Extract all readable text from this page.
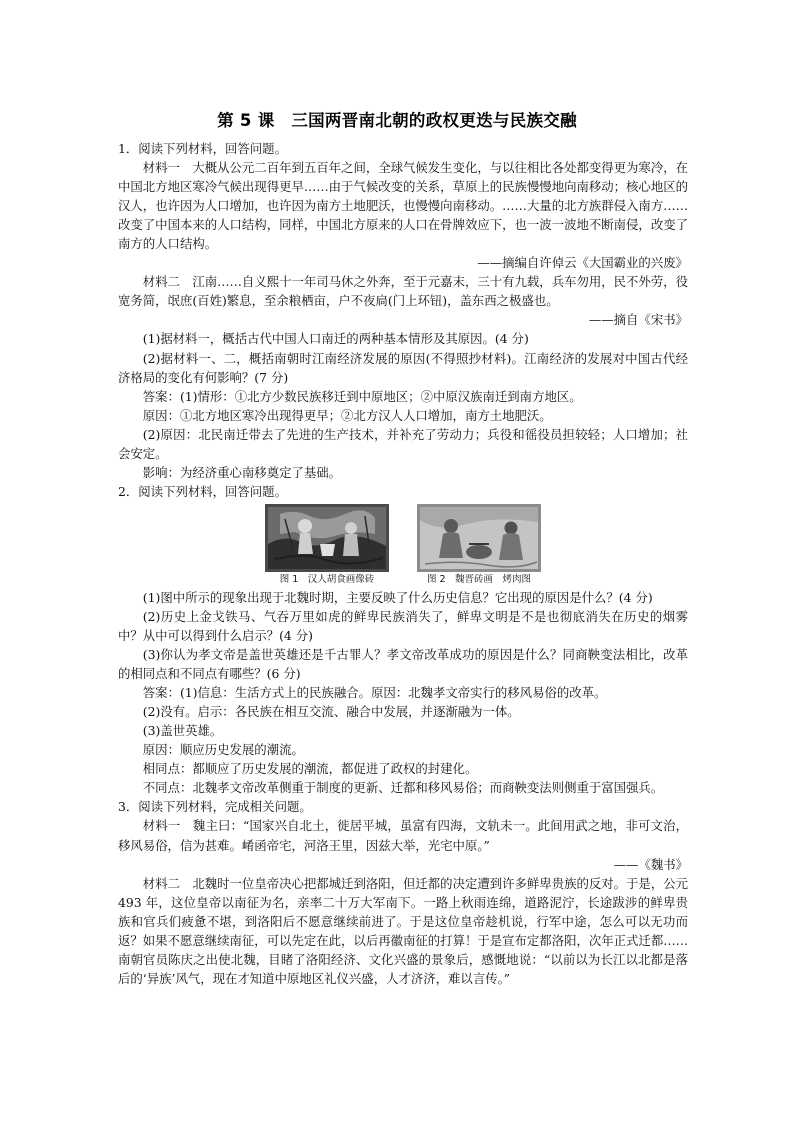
第 5 课　三国两晋南北朝的政权更迭与民族交融

1．阅读下列材料，回答问题。

材料一　大概从公元二百年到五百年之间，全球气候发生变化，与以往相比各处都变得更为寒冷，在中国北方地区寒冷气候出现得更早……由于气候改变的关系，草原上的民族慢慢地向南移动；核心地区的汉人，也许因为人口增加，也许因为南方土地肥沃，也慢慢向南移动。……大量的北方族群侵入南方……改变了中国本来的人口结构，同样，中国北方原来的人口在骨牌效应下，也一波一波地不断南侵，改变了南方的人口结构。

——摘编自许倬云《大国霸业的兴废》

材料二　江南……自义熙十一年司马休之外奔，至于元嘉末，三十有九载，兵车勿用，民不外劳，役宽务简，氓庶(百姓)繁息，至余粮栖亩，户不夜扃(门上环钮)，盖东西之极盛也。

——摘自《宋书》

(1)据材料一，概括古代中国人口南迁的两种基本情形及其原因。(4 分)

(2)据材料一、二，概括南朝时江南经济发展的原因(不得照抄材料)。江南经济的发展对中国古代经济格局的变化有何影响？(7 分)

答案：(1)情形：①北方少数民族移迁到中原地区；②中原汉族南迁到南方地区。

原因：①北方地区寒冷出现得更早；②北方汉人人口增加，南方土地肥沃。

(2)原因：北民南迁带去了先进的生产技术，并补充了劳动力；兵役和徭役员担较轻；人口增加；社会安定。

影响：为经济重心南移奠定了基础。

2．阅读下列材料，回答问题。

图 1　汉人胡食画像砖	图 2　魏晋砖画　烤肉图

(1)图中所示的现象出现于北魏时期，主要反映了什么历史信息？它出现的原因是什么？(4 分)

(2)历史上金戈铁马、气吞万里如虎的鲜卑民族消失了，鲜卑文明是不是也彻底消失在历史的烟雾中？从中可以得到什么启示？(4 分)

(3)你认为孝文帝是盖世英雄还是千古罪人？孝文帝改革成功的原因是什么？同商鞅变法相比，改革的相同点和不同点有哪些？(6 分)

答案：(1)信息：生活方式上的民族融合。原因：北魏孝文帝实行的移风易俗的改革。

(2)没有。启示：各民族在相互交流、融合中发展，并逐渐融为一体。

(3)盖世英雄。

原因：顺应历史发展的潮流。

相同点：都顺应了历史发展的潮流，都促进了政权的封建化。

不同点：北魏孝文帝改革侧重于制度的更新、迁都和移风易俗；而商鞅变法则侧重于富国强兵。

3．阅读下列材料，完成相关问题。

材料一　魏主曰：“国家兴自北土，徙居平城，虽富有四海，文轨未一。此间用武之地，非可文治，移风易俗，信为甚难。崤函帝宅，河洛王里，因兹大举，光宅中原。”

——《魏书》

材料二　北魏时一位皇帝决心把都城迁到洛阳，但迁都的决定遭到许多鲜卑贵族的反对。于是，公元 493 年，这位皇帝以南征为名，亲率二十万大军南下。一路上秋雨连绵，道路泥泞，长途跋涉的鲜卑贵族和官兵们疲惫不堪，到洛阳后不愿意继续前进了。于是这位皇帝趁机说，行军中途，怎么可以无功而返？如果不愿意继续南征，可以先定在此，以后再徽南征的打算！于是宣布定都洛阳，次年正式迁都……南朝官员陈庆之出使北魏，目睹了洛阳经济、文化兴盛的景象后，感慨地说：“以前以为长江以北都是落后的‘异族’风气，现在才知道中原地区礼仪兴盛，人才济济，难以言传。”
